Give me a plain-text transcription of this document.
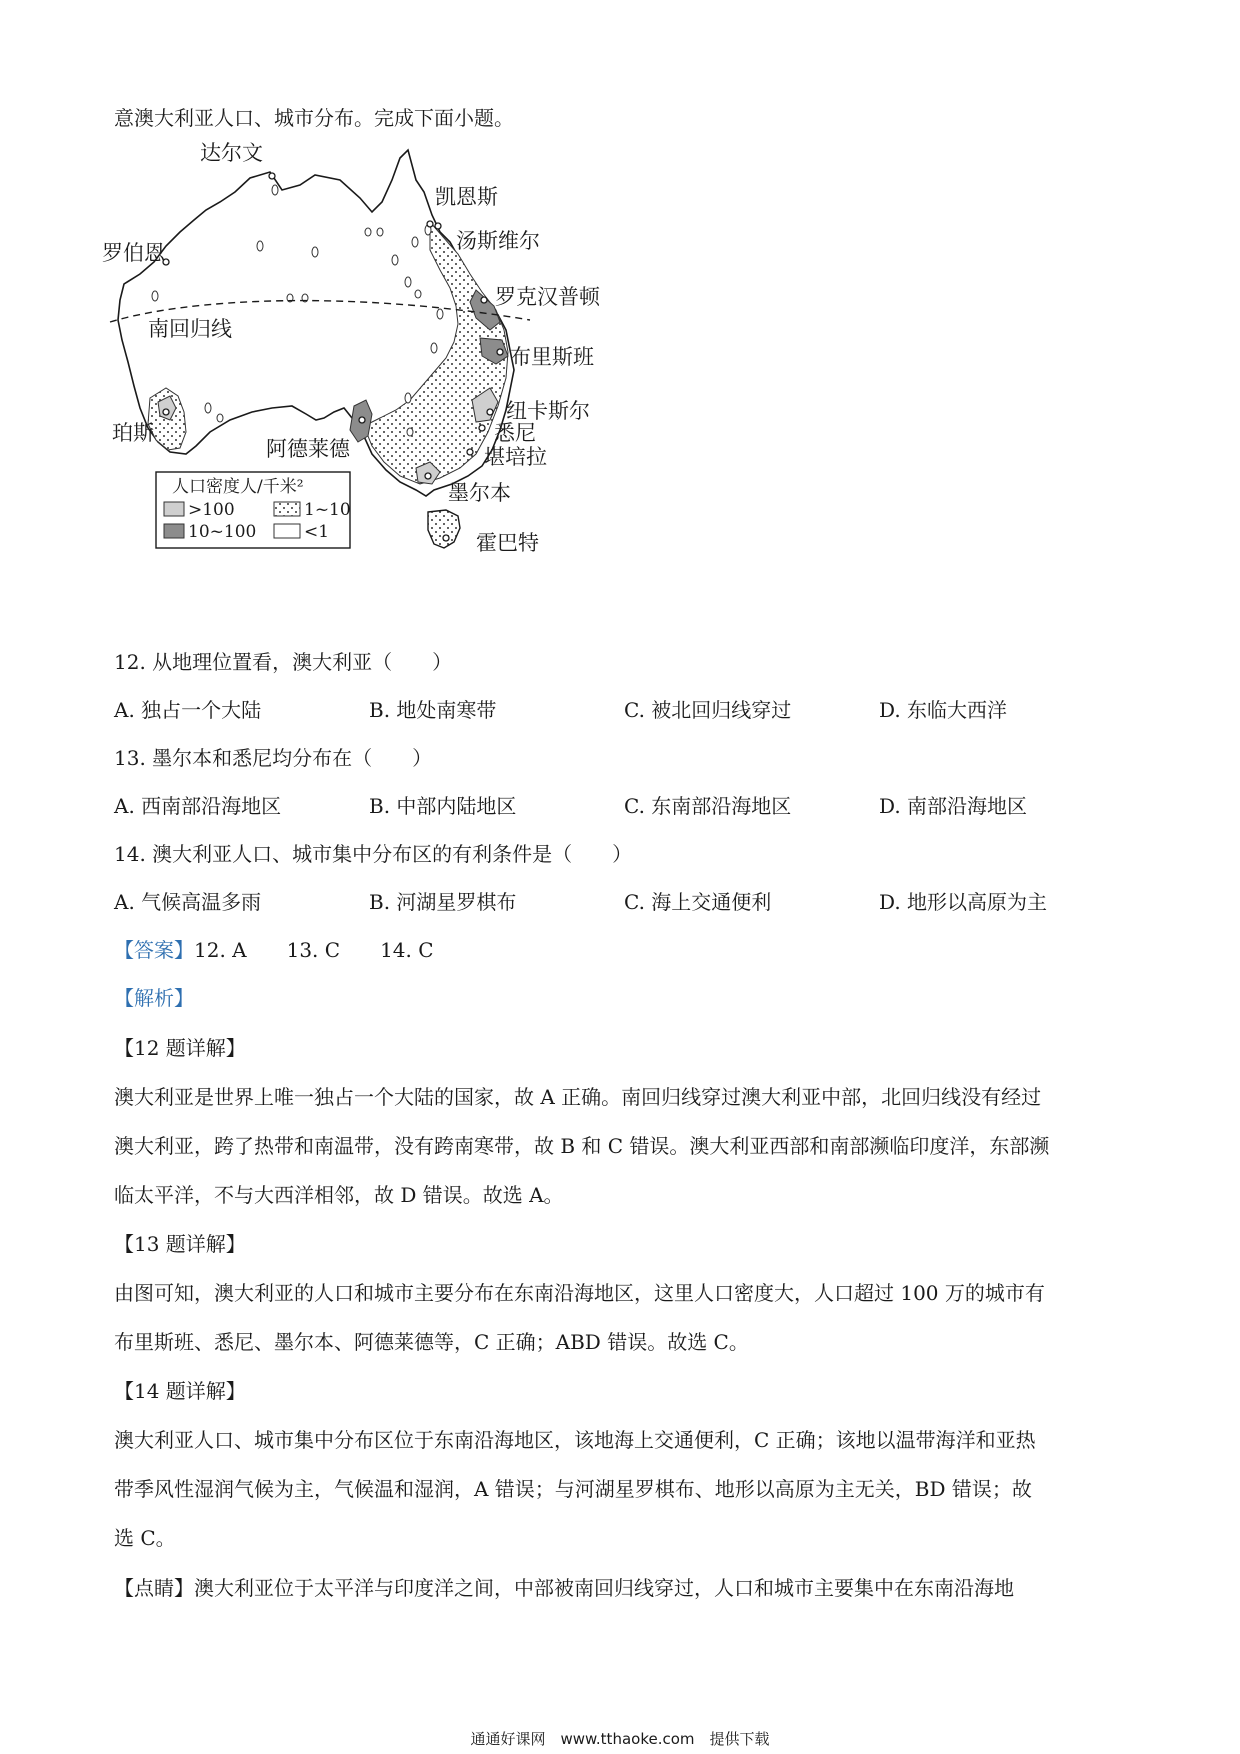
意澳大利亚人口、城市分布。完成下面小题。
达尔文
凯恩斯
汤斯维尔
罗克汉普顿
布里斯班
纽卡斯尔
悉尼
堪培拉
墨尔本
霍巴特
阿德莱德
珀斯
罗伯恩
南回归线
人口密度人/千米²
>100	1~10
10~100	<1
12. 从地理位置看，澳大利亚（　　）
A. 独占一个大陆	B. 地处南寒带	C. 被北回归线穿过	D. 东临大西洋
13. 墨尔本和悉尼均分布在（　　）
A. 西南部沿海地区	B. 中部内陆地区	C. 东南部沿海地区	D. 南部沿海地区
14. 澳大利亚人口、城市集中分布区的有利条件是（　　）
A. 气候高温多雨	B. 河湖星罗棋布	C. 海上交通便利	D. 地形以高原为主
【答案】12. A　　13. C　　14. C
【解析】
【12 题详解】
澳大利亚是世界上唯一独占一个大陆的国家，故 A 正确。南回归线穿过澳大利亚中部，北回归线没有经过
澳大利亚，跨了热带和南温带，没有跨南寒带，故 B 和 C 错误。澳大利亚西部和南部濒临印度洋，东部濒
临太平洋，不与大西洋相邻，故 D 错误。故选 A。
【13 题详解】
由图可知，澳大利亚的人口和城市主要分布在东南沿海地区，这里人口密度大，人口超过 100 万的城市有
布里斯班、悉尼、墨尔本、阿德莱德等，C 正确；ABD 错误。故选 C。
【14 题详解】
澳大利亚人口、城市集中分布区位于东南沿海地区，该地海上交通便利，C 正确；该地以温带海洋和亚热
带季风性湿润气候为主，气候温和湿润，A 错误；与河湖星罗棋布、地形以高原为主无关，BD 错误；故
选 C。
【点睛】澳大利亚位于太平洋与印度洋之间，中部被南回归线穿过，人口和城市主要集中在东南沿海地
通通好课网　www.tthaoke.com　提供下载
